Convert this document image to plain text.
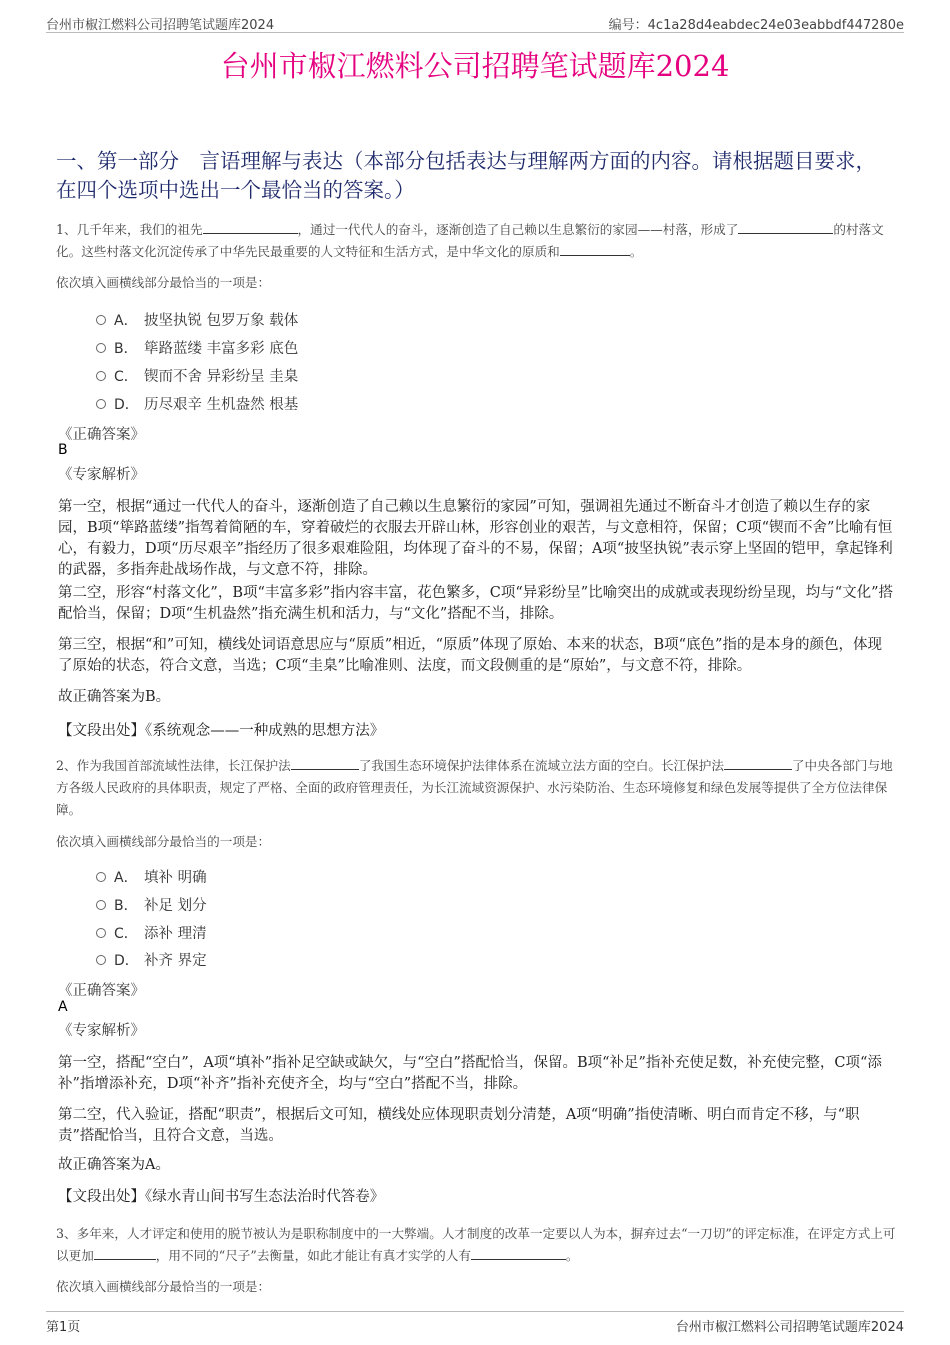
台州市椒江燃料公司招聘笔试题库2024	编号：4c1a28d4eabdec24e03eabbdf447280e
台州市椒江燃料公司招聘笔试题库2024
一、第一部分　言语理解与表达（本部分包括表达与理解两方面的内容。请根据题目要求，在四个选项中选出一个最恰当的答案。）
1、几千年来，我们的祖先	，通过一代代人的奋斗，逐渐创造了自己赖以生息繁衍的家园——村落，形成了	的村落文化。这些村落文化沉淀传承了中华先民最重要的人文特征和生活方式，是中华文化的原质和	。
依次填入画横线部分最恰当的一项是：
A． 披坚执锐 包罗万象 载体
B． 筚路蓝缕 丰富多彩 底色
C． 锲而不舍 异彩纷呈 圭臬
D． 历尽艰辛 生机盎然 根基
《正确答案》
B
《专家解析》
第一空，根据“通过一代代人的奋斗，逐渐创造了自己赖以生息繁衍的家园”可知，强调祖先通过不断奋斗才创造了赖以生存的家园，B项“筚路蓝缕”指驾着简陋的车，穿着破烂的衣服去开辟山林，形容创业的艰苦，与文意相符，保留；C项“锲而不舍”比喻有恒心，有毅力，D项“历尽艰辛”指经历了很多艰难险阻，均体现了奋斗的不易，保留；A项“披坚执锐”表示穿上坚固的铠甲，拿起锋利的武器，多指奔赴战场作战，与文意不符，排除。
第二空，形容“村落文化”，B项“丰富多彩”指内容丰富，花色繁多，C项“异彩纷呈”比喻突出的成就或表现纷纷呈现，均与“文化”搭配恰当，保留；D项“生机盎然”指充满生机和活力，与“文化”搭配不当，排除。
第三空，根据“和”可知，横线处词语意思应与“原质”相近，“原质”体现了原始、本来的状态，B项“底色”指的是本身的颜色，体现了原始的状态，符合文意，当选；C项“圭臬”比喻准则、法度，而文段侧重的是“原始”，与文意不符，排除。
故正确答案为B。
【文段出处】《系统观念——一种成熟的思想方法》
2、作为我国首部流域性法律，长江保护法	了我国生态环境保护法律体系在流域立法方面的空白。长江保护法	了中央各部门与地方各级人民政府的具体职责，规定了严格、全面的政府管理责任，为长江流域资源保护、水污染防治、生态环境修复和绿色发展等提供了全方位法律保障。
依次填入画横线部分最恰当的一项是：
A． 填补 明确
B． 补足 划分
C． 添补 理清
D． 补齐 界定
《正确答案》
A
《专家解析》
第一空，搭配“空白”，A项“填补”指补足空缺或缺欠，与“空白”搭配恰当，保留。B项“补足”指补充使足数，补充使完整，C项“添补”指增添补充，D项“补齐”指补充使齐全，均与“空白”搭配不当，排除。
第二空，代入验证，搭配“职责”，根据后文可知，横线处应体现职责划分清楚，A项“明确”指使清晰、明白而肯定不移，与“职责”搭配恰当，且符合文意，当选。
故正确答案为A。
【文段出处】《绿水青山间书写生态法治时代答卷》
3、多年来，人才评定和使用的脱节被认为是职称制度中的一大弊端。人才制度的改革一定要以人为本，摒弃过去“一刀切”的评定标准，在评定方式上可以更加	，用不同的“尺子”去衡量，如此才能让有真才实学的人有	。
依次填入画横线部分最恰当的一项是：
第1页	台州市椒江燃料公司招聘笔试题库2024
